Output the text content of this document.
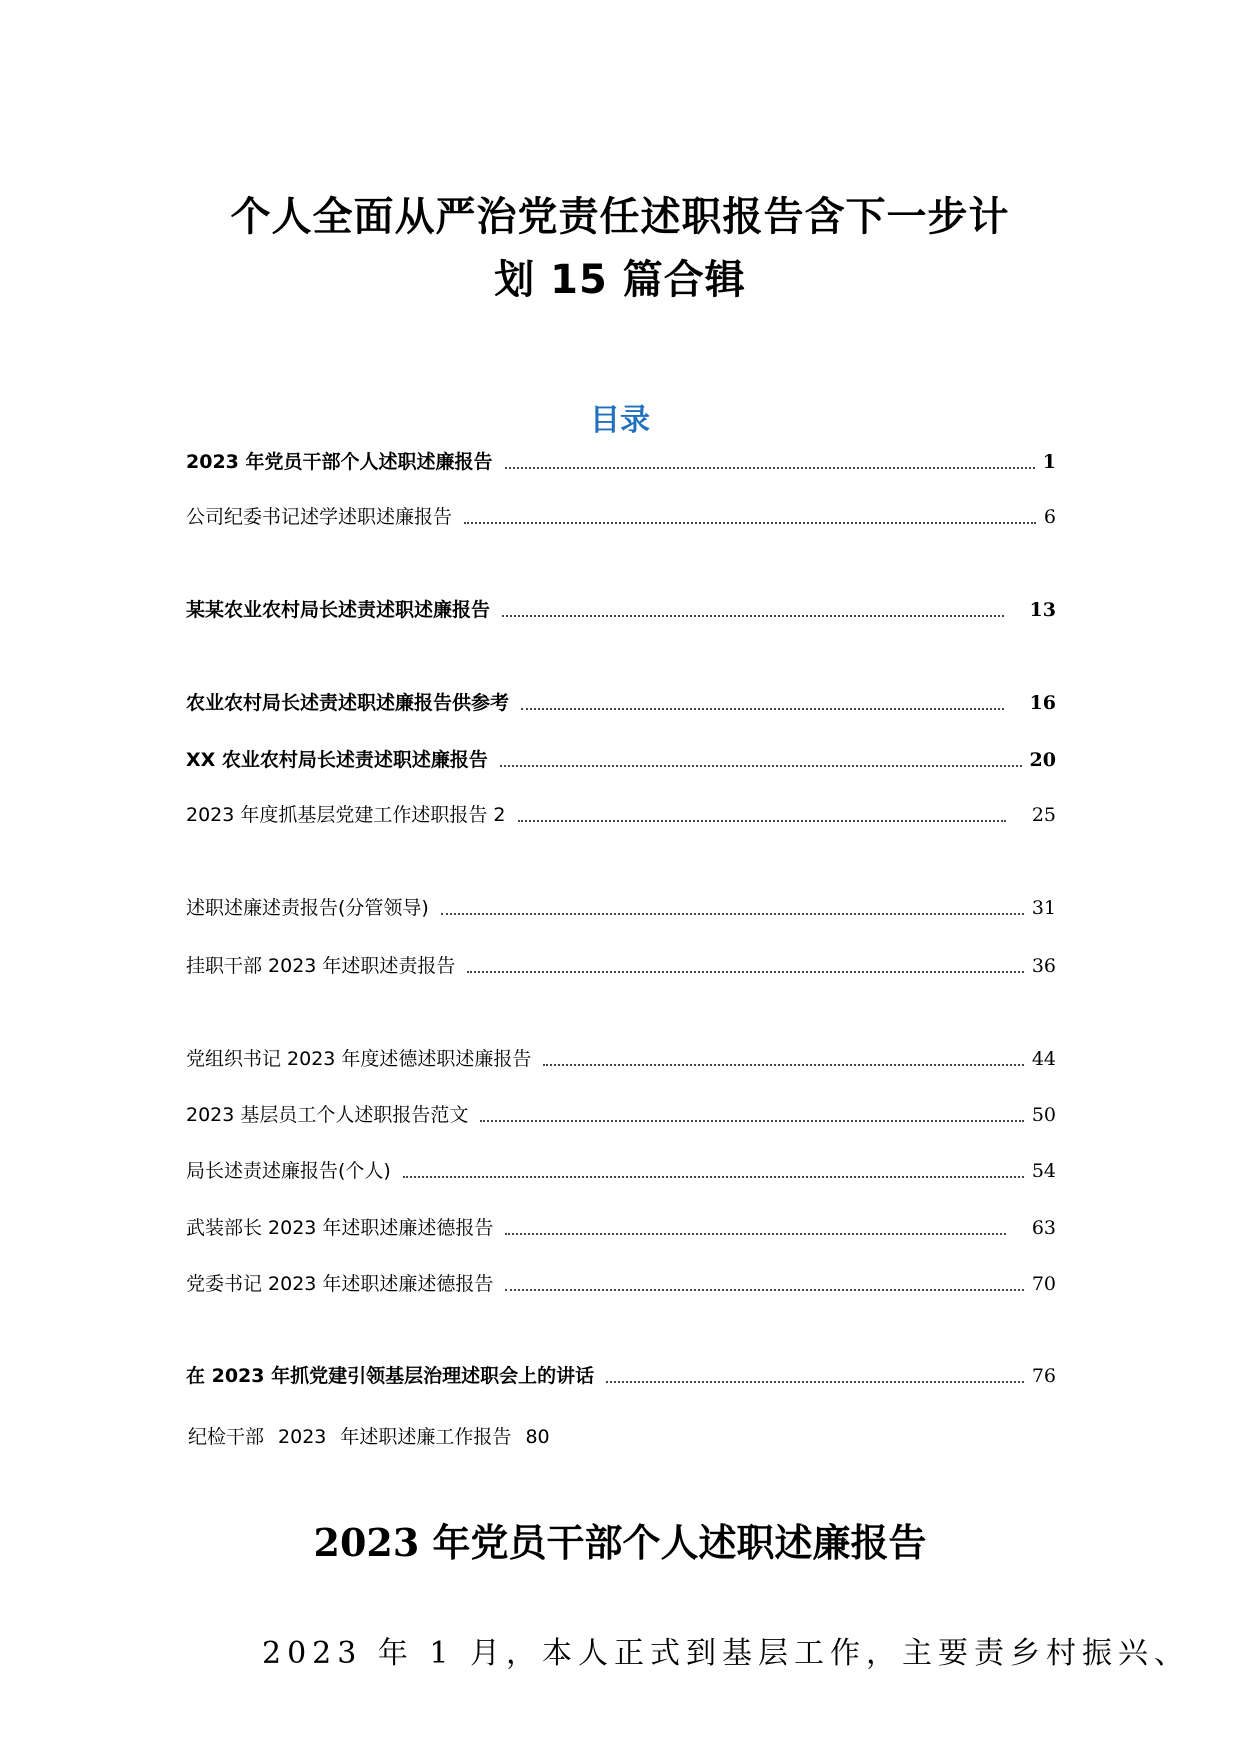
个人全面从严治党责任述职报告含下一步计
划 15 篇合辑
目录
2023 年党员干部个人述职述廉报告	1
公司纪委书记述学述职述廉报告	6
某某农业农村局长述责述职述廉报告	13
农业农村局长述责述职述廉报告供参考	16
XX 农业农村局长述责述职述廉报告	20
2023 年度抓基层党建工作述职报告 2	25
述职述廉述责报告(分管领导)	31
挂职干部 2023 年述职述责报告	36
党组织书记 2023 年度述德述职述廉报告	44
2023 基层员工个人述职报告范文	50
局长述责述廉报告(个人)	54
武装部长 2023 年述职述廉述德报告	63
党委书记 2023 年述职述廉述德报告	70
在 2023 年抓党建引领基层治理述职会上的讲话	76
纪检干部 2023 年述职述廉工作报告 80
2023 年党员干部个人述职述廉报告

2023 年 1 月，本人正式到基层工作，主要责乡村振兴、
